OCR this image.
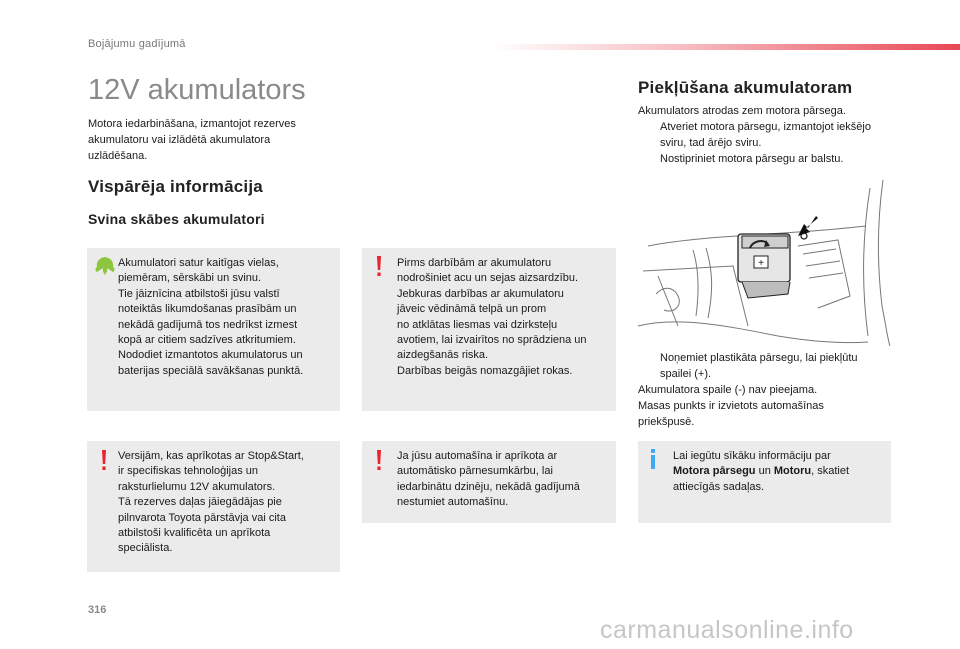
Bojājumu gadījumā
12V akumulators
Motora iedarbināšana, izmantojot rezerves akumulatoru vai izlādētā akumulatora uzlādēšana.
Vispārēja informācija
Svina skābes akumulatori

Akumulatori satur kaitīgas vielas,

piemēram, sērskābi un svinu.

Tie jāiznīcina atbilstoši jūsu valstī

noteiktās likumdošanas prasībām un

nekādā gadījumā tos nedrīkst izmest

kopā ar citiem sadzīves atkritumiem.

Nododiet izmantotos akumulatorus un

baterijas speciālā savākšanas punktā.

Pirms darbībām ar akumulatoru

nodrošiniet acu un sejas aizsardzību.

Jebkuras darbības ar akumulatoru

jāveic vēdināmā telpā un prom

no atklātas liesmas vai dzirksteļu

avotiem, lai izvairītos no sprādziena un

aizdegšanās riska.

Darbības beigās nomazgājiet rokas.

Versijām, kas aprīkotas ar Stop&Start,

ir specifiskas tehnoloģijas un

raksturlielumu 12V akumulators.

Tā rezerves daļas jāiegādājas pie

pilnvarota Toyota pārstāvja vai cita

atbilstoši kvalificēta un aprīkota

speciālista.

Ja jūsu automašīna ir aprīkota ar

automātisko pārnesumkārbu, lai

iedarbinātu dzinēju, nekādā gadījumā

nestumiet automašīnu.

Lai iegūtu sīkāku informāciju par

Motora pārsegu un Motoru, skatiet

attiecīgās sadaļas.

Piekļūšana akumulatoram
Akumulators atrodas zem motora pārsega.
Atveriet motora pārsegu, izmantojot iekšējo
sviru, tad ārējo sviru.
Nostipriniet motora pārsegu ar balstu.
+
Noņemiet plastikāta pārsegu, lai piekļūtu
spailei (+).
Akumulatora spaile (-) nav pieejama.
Masas punkts ir izvietots automašīnas
priekšpusē.
316
carmanualsonline.info
